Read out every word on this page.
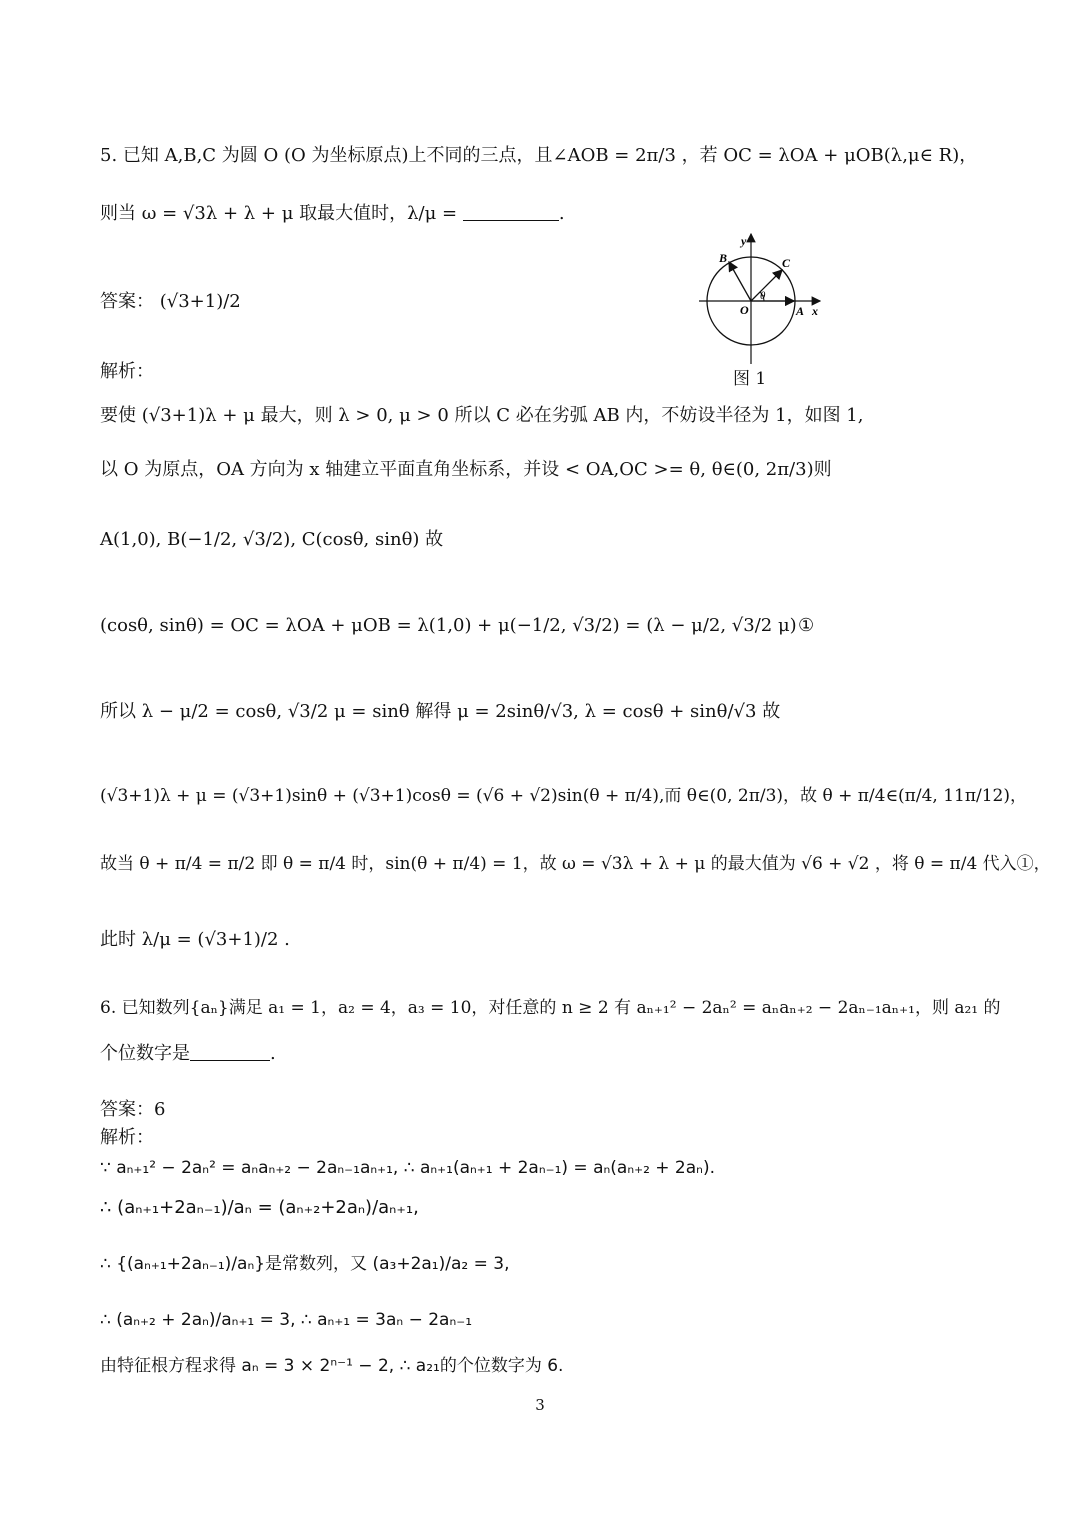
5. 已知 A,B,C 为圆 O (O 为坐标原点)上不同的三点，且∠AOB = 2π/3 ，若 OC = λOA + μOB(λ,μ∈ R)，
则当 ω = √3λ + λ + μ 取最大值时，λ/μ =	.
答案： (√3+1)/2
y
x
A
B	C
O
θ
图 1
解析：
要使 (√3+1)λ + μ 最大，则 λ > 0, μ > 0 所以 C 必在劣弧 AB 内，不妨设半径为 1，如图 1,
以 O 为原点，OA 方向为 x 轴建立平面直角坐标系，并设 < OA,OC >= θ, θ∈(0, 2π/3)则
A(1,0), B(−1/2, √3/2), C(cosθ, sinθ) 故
(cosθ, sinθ) = OC = λOA + μOB = λ(1,0) + μ(−1/2, √3/2) = (λ − μ/2, √3/2 μ) ①
所以 λ − μ/2 = cosθ, √3/2 μ = sinθ 解得 μ = 2sinθ/√3, λ = cosθ + sinθ/√3 故
(√3+1)λ + μ = (√3+1)sinθ + (√3+1)cosθ = (√6 + √2)sin(θ + π/4),而 θ∈(0, 2π/3)，故 θ + π/4∈(π/4, 11π/12)，
故当 θ + π/4 = π/2 即 θ = π/4 时，sin(θ + π/4) = 1，故 ω = √3λ + λ + μ 的最大值为 √6 + √2 ，将 θ = π/4 代入①，
此时 λ/μ = (√3+1)/2 .
6. 已知数列{aₙ}满足 a₁ = 1，a₂ = 4，a₃ = 10，对任意的 n ≥ 2 有 aₙ₊₁² − 2aₙ² = aₙaₙ₊₂ − 2aₙ₋₁aₙ₊₁，则 a₂₁ 的
个位数字是	.
答案：6
解析：
∵ aₙ₊₁² − 2aₙ² = aₙaₙ₊₂ − 2aₙ₋₁aₙ₊₁, ∴ aₙ₊₁(aₙ₊₁ + 2aₙ₋₁) = aₙ(aₙ₊₂ + 2aₙ).
∴ (aₙ₊₁+2aₙ₋₁)/aₙ = (aₙ₊₂+2aₙ)/aₙ₊₁,
∴ {(aₙ₊₁+2aₙ₋₁)/aₙ}是常数列，又 (a₃+2a₁)/a₂ = 3,
∴ (aₙ₊₂ + 2aₙ)/aₙ₊₁ = 3, ∴ aₙ₊₁ = 3aₙ − 2aₙ₋₁
由特征根方程求得 aₙ = 3 × 2ⁿ⁻¹ − 2, ∴ a₂₁的个位数字为 6.
3
